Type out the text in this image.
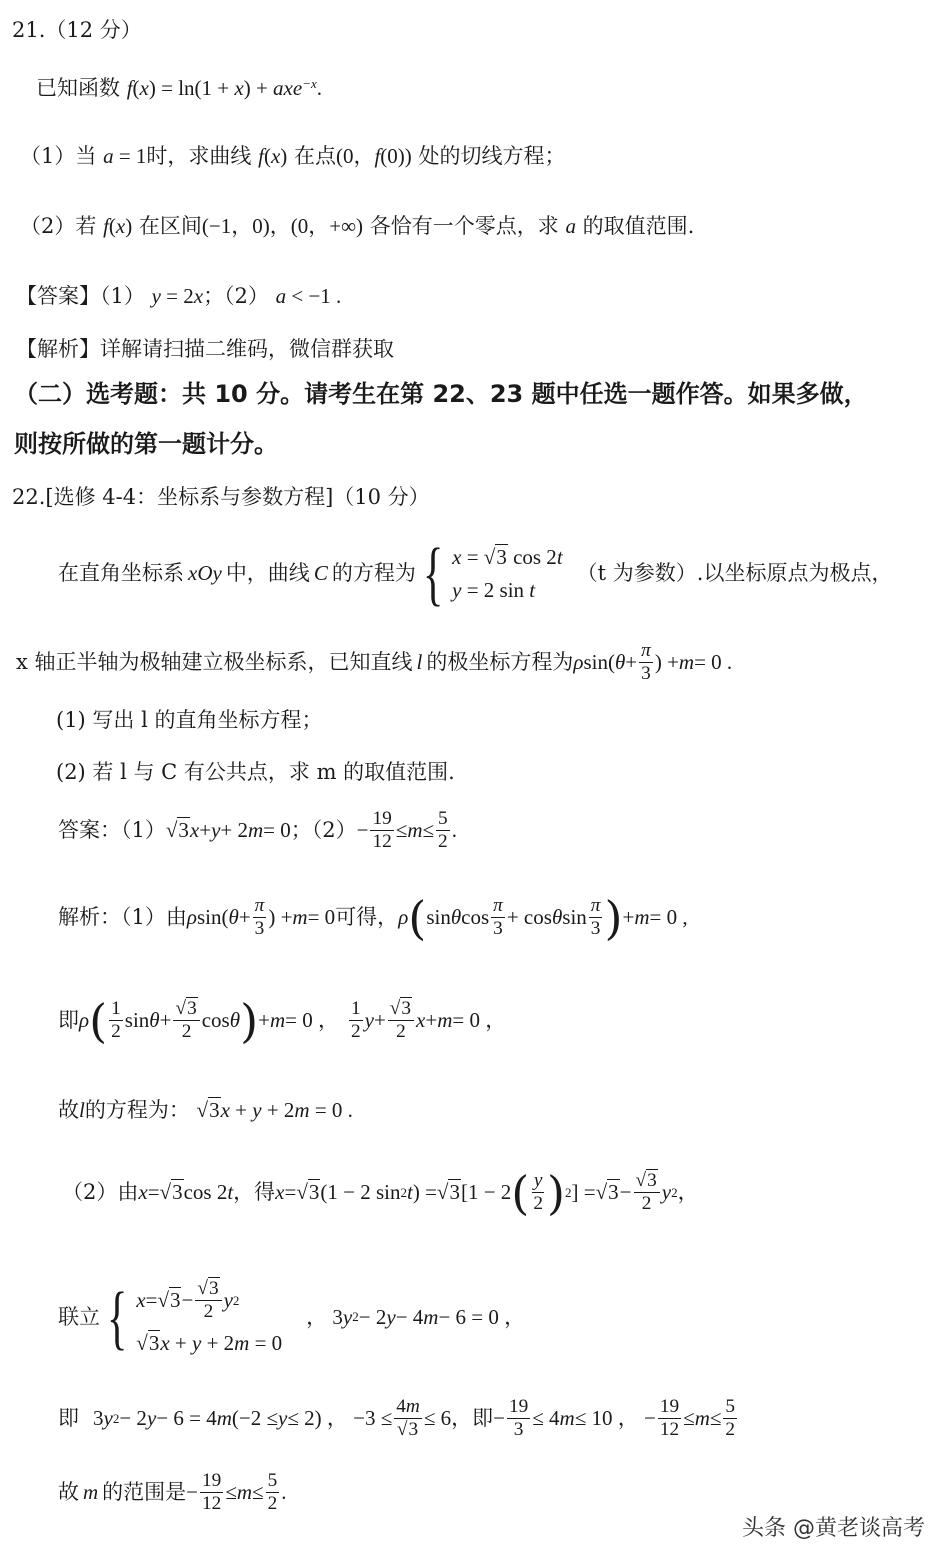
21.（12 分）
已知函数 f(x) = ln(1 + x) + axe$^{-x}$.
（1）当 a = 1时，求曲线 f(x) 在点(0，f(0)) 处的切线方程；
（2）若 f(x) 在区间(−1，0)，(0，+∞) 各恰有一个零点，求 a 的取值范围.
【答案】（1） y = 2x；（2） a < −1 .
【解析】详解请扫描二维码，微信群获取
（二）选考题：共 10 分。请考生在第 22、23 题中任选一题作答。如果多做，
则按所做的第一题计分。
22.[选修 4-4：坐标系与参数方程]（10 分）
在直角坐标系 xOy 中，曲线 C 的方程为 { x = √3 cos 2t
y = 2 sin t
（t 为参数）.以坐标原点为极点，
x 轴正半轴为极轴建立极坐标系，已知直线 l 的极坐标方程为 ρ sin( $\theta + \frac{\pi}{3}$ ) + m = 0 .
(1) 写出 l 的直角坐标方程；
(2) 若 l 与 C 有公共点，求 m 的取值范围.
答案：（1） √3 x + y + 2 m = 0 ；$(2) - \frac{19}{12} \le m \le \frac{5}{2}$ .
解析：（1）由 ρ sin( $\theta + \frac{\pi}{3}$ ) + m = 0 可得， ρ ( sin θ $\cos \frac{\pi}{3} + \cos \theta$ $\sin \frac{\pi}{3}$ ) + m = 0 ,
即 ρ ( $\frac{1}{2}$ $\sin \theta + \frac{√3}{2}$ cos θ ) + m = 0 ， $\frac{1}{2}$ $y + \frac{√3}{2}$ x + m = 0 ，
故l的方程为： √3x + y + 2m = 0 .
（2）由 x = √3 cos 2 t ，得 x = √3 (1 − 2 sin 2 t ) = √3 [1 − 2 ( $\frac{y}{2}$ ) 2 ] = $√3 - \frac{√3}{2}$ y 2 ，
联立 { $x = √3 - \frac{√3}{2}$ y 2
√3x + y + 2m = 0
， 3 y 2 − 2 y − 4 m − 6 = 0 ，
即 3 y 2 − 2 y − 6 = 4 m (−2 ≤ y ≤ 2) ， $-3 \le \frac{4m}{√3} \le 6$ ，即 − $\frac{19}{3} \le 4$ m ≤ 10 ， − $\frac{19}{12} \le m \le \frac{5}{2}$
故 m 的范围是 − $\frac{19}{12} \le m \le \frac{5}{2}$ .
头条 @黄老谈高考
